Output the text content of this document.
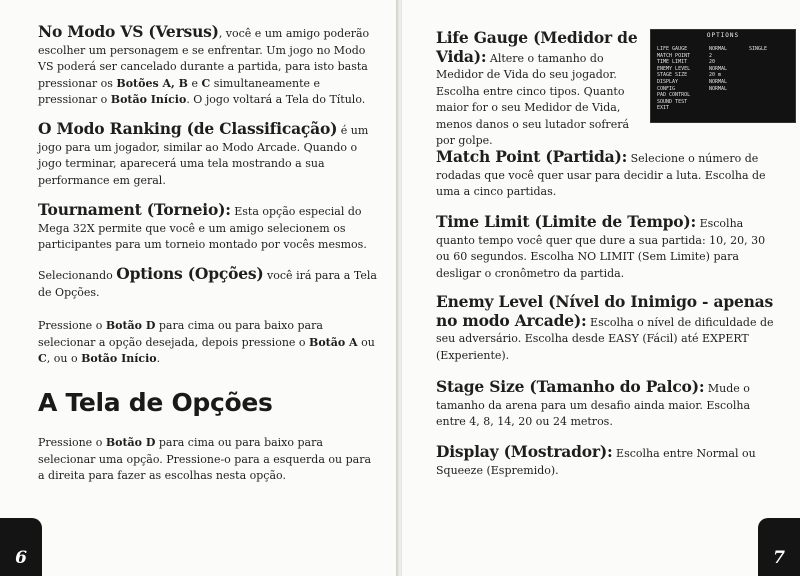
No Modo VS (Versus), você e um amigo poderão escolher um personagem e se enfrentar. Um jogo no Modo VS poderá ser cancelado durante a partida, para isto basta pressionar os Botões A, B e C simultaneamente e pressionar o Botão Início. O jogo voltará a Tela do Título.
O Modo Ranking (de Classificação) é um jogo para um jogador, similar ao Modo Arcade. Quando o jogo terminar, aparecerá uma tela mostrando a sua performance em geral.
Tournament (Torneio): Esta opção especial do Mega 32X permite que você e um amigo selecionem os participantes para um torneio montado por vocês mesmos.
Selecionando Options (Opções) você irá para a Tela de Opções.
Pressione o Botão D para cima ou para baixo para selecionar a opção desejada, depois pressione o Botão A ou C, ou o Botão Início.
A Tela de Opções
Pressione o Botão D para cima ou para baixo para selecionar uma opção. Pressione-o para a esquerda ou para a direita para fazer as escolhas nesta opção.
6
Life Gauge (Medidor de Vida): Altere o tamanho do Medidor de Vida do seu jogador. Escolha entre cinco tipos. Quanto maior for o seu Medidor de Vida, menos danos o seu lutador sofrerá por golpe.
OPTIONS
LIFE GAUGE	NORMAL	SINGLE
MATCH POINT	2
TIME LIMIT	20
ENEMY LEVEL	NORMAL
STAGE SIZE	20 m
DISPLAY	NORMAL
CONFIG	NORMAL
PAD CONTROL
SOUND TEST
EXIT
Match Point (Partida): Selecione o número de rodadas que você quer usar para decidir a luta. Escolha de uma a cinco partidas.
Time Limit (Limite de Tempo): Escolha quanto tempo você quer que dure a sua partida: 10, 20, 30 ou 60 segundos. Escolha NO LIMIT (Sem Limite) para desligar o cronômetro da partida.
Enemy Level (Nível do Inimigo - apenas no modo Arcade): Escolha o nível de dificuldade de seu adversário. Escolha desde EASY (Fácil) até EXPERT (Experiente).
Stage Size (Tamanho do Palco): Mude o tamanho da arena para um desafio ainda maior. Escolha entre 4, 8, 14, 20 ou 24 metros.
Display (Mostrador): Escolha entre Normal ou Squeeze (Espremido).
7
